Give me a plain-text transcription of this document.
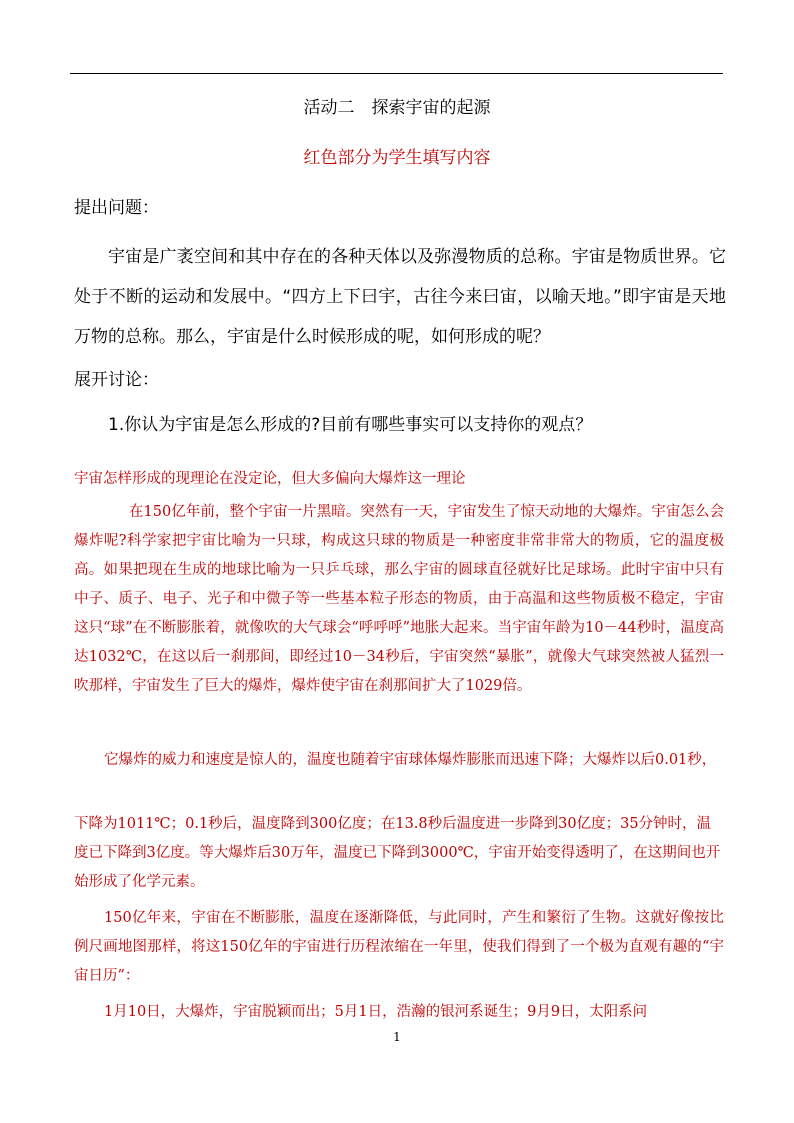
活动二　探索宇宙的起源
红色部分为学生填写内容
提出问题：
宇宙是广袤空间和其中存在的各种天体以及弥漫物质的总称。宇宙是物质世界。它处于不断的运动和发展中。“四方上下曰宇，古往今来曰宙，以喻天地。”即宇宙是天地万物的总称。那么，宇宙是什么时候形成的呢，如何形成的呢？
展开讨论：
1.你认为宇宙是怎么形成的?目前有哪些事实可以支持你的观点？
宇宙怎样形成的现理论在没定论，但大多偏向大爆炸这一理论
在150亿年前，整个宇宙一片黑暗。突然有一天，宇宙发生了惊天动地的大爆炸。宇宙怎么会爆炸呢?科学家把宇宙比喻为一只球，构成这只球的物质是一种密度非常非常大的物质，它的温度极高。如果把现在生成的地球比喻为一只乒乓球，那么宇宙的圆球直径就好比足球场。此时宇宙中只有中子、质子、电子、光子和中微子等一些基本粒子形态的物质，由于高温和这些物质极不稳定，宇宙这只“球”在不断膨胀着，就像吹的大气球会“呼呼呼”地胀大起来。当宇宙年龄为10－44秒时，温度高达1032℃，在这以后一刹那间，即经过10－34秒后，宇宙突然“暴胀”，就像大气球突然被人猛烈一吹那样，宇宙发生了巨大的爆炸，爆炸使宇宙在刹那间扩大了1029倍。
它爆炸的威力和速度是惊人的，温度也随着宇宙球体爆炸膨胀而迅速下降；大爆炸以后0.01秒，
下降为1011℃；0.1秒后，温度降到300亿度；在13.8秒后温度进一步降到30亿度；35分钟时，温度已下降到3亿度。等大爆炸后30万年，温度已下降到3000℃，宇宙开始变得透明了，在这期间也开始形成了化学元素。
150亿年来，宇宙在不断膨胀，温度在逐渐降低，与此同时，产生和繁衍了生物。这就好像按比例尺画地图那样，将这150亿年的宇宙进行历程浓缩在一年里，使我们得到了一个极为直观有趣的“宇宙日历”：
1月10日，大爆炸，宇宙脱颖而出；5月1日，浩瀚的银河系诞生；9月9日，太阳系问
1
